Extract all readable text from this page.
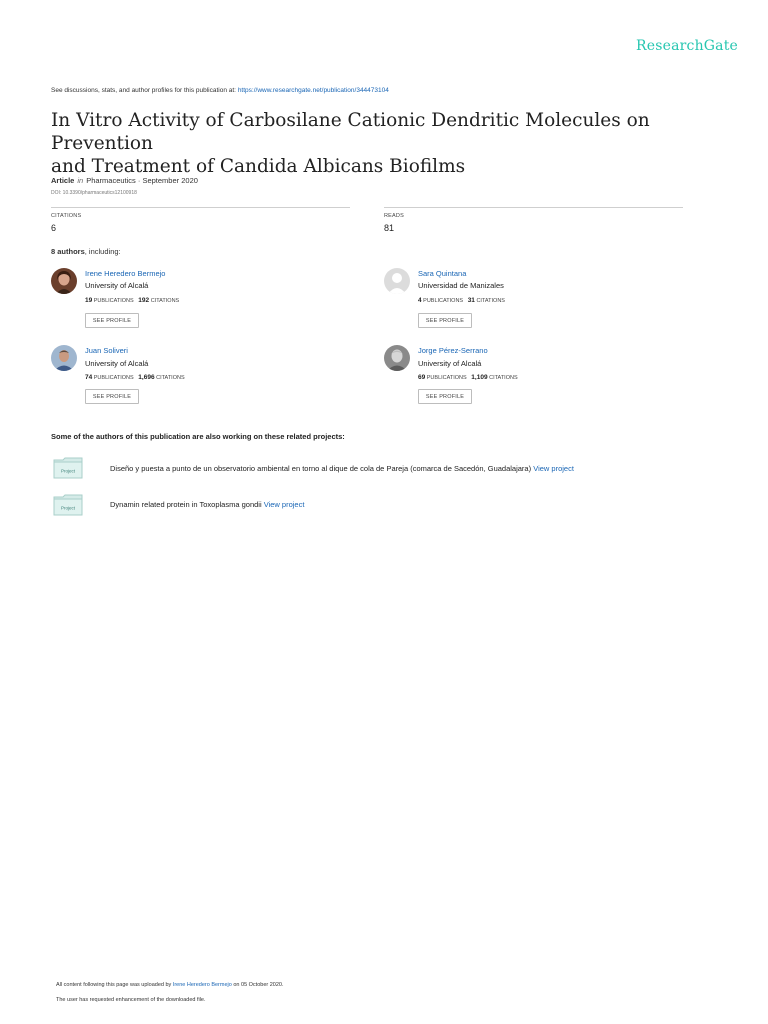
ResearchGate
See discussions, stats, and author profiles for this publication at: https://www.researchgate.net/publication/344473104
In Vitro Activity of Carbosilane Cationic Dendritic Molecules on Prevention
and Treatment of Candida Albicans Biofilms
Article in Pharmaceutics · September 2020
DOI: 10.3390/pharmaceutics12100918
CITATIONS
6
READS
81
8 authors, including:
Irene Heredero Bermejo
University of Alcalá
19 PUBLICATIONS 192 CITATIONS
SEE PROFILE
Sara Quintana
Universidad de Manizales
4 PUBLICATIONS 31 CITATIONS
SEE PROFILE
Juan Soliveri
University of Alcalá
74 PUBLICATIONS 1,696 CITATIONS
SEE PROFILE
Jorge Pérez-Serrano
University of Alcalá
69 PUBLICATIONS 1,109 CITATIONS
SEE PROFILE
Some of the authors of this publication are also working on these related projects:
Project	Diseño y puesta a punto de un observatorio ambiental en torno al dique de cola de Pareja (comarca de Sacedón, Guadalajara) View project
Project	Dynamin related protein in Toxoplasma gondii View project
All content following this page was uploaded by Irene Heredero Bermejo on 05 October 2020.
The user has requested enhancement of the downloaded file.
